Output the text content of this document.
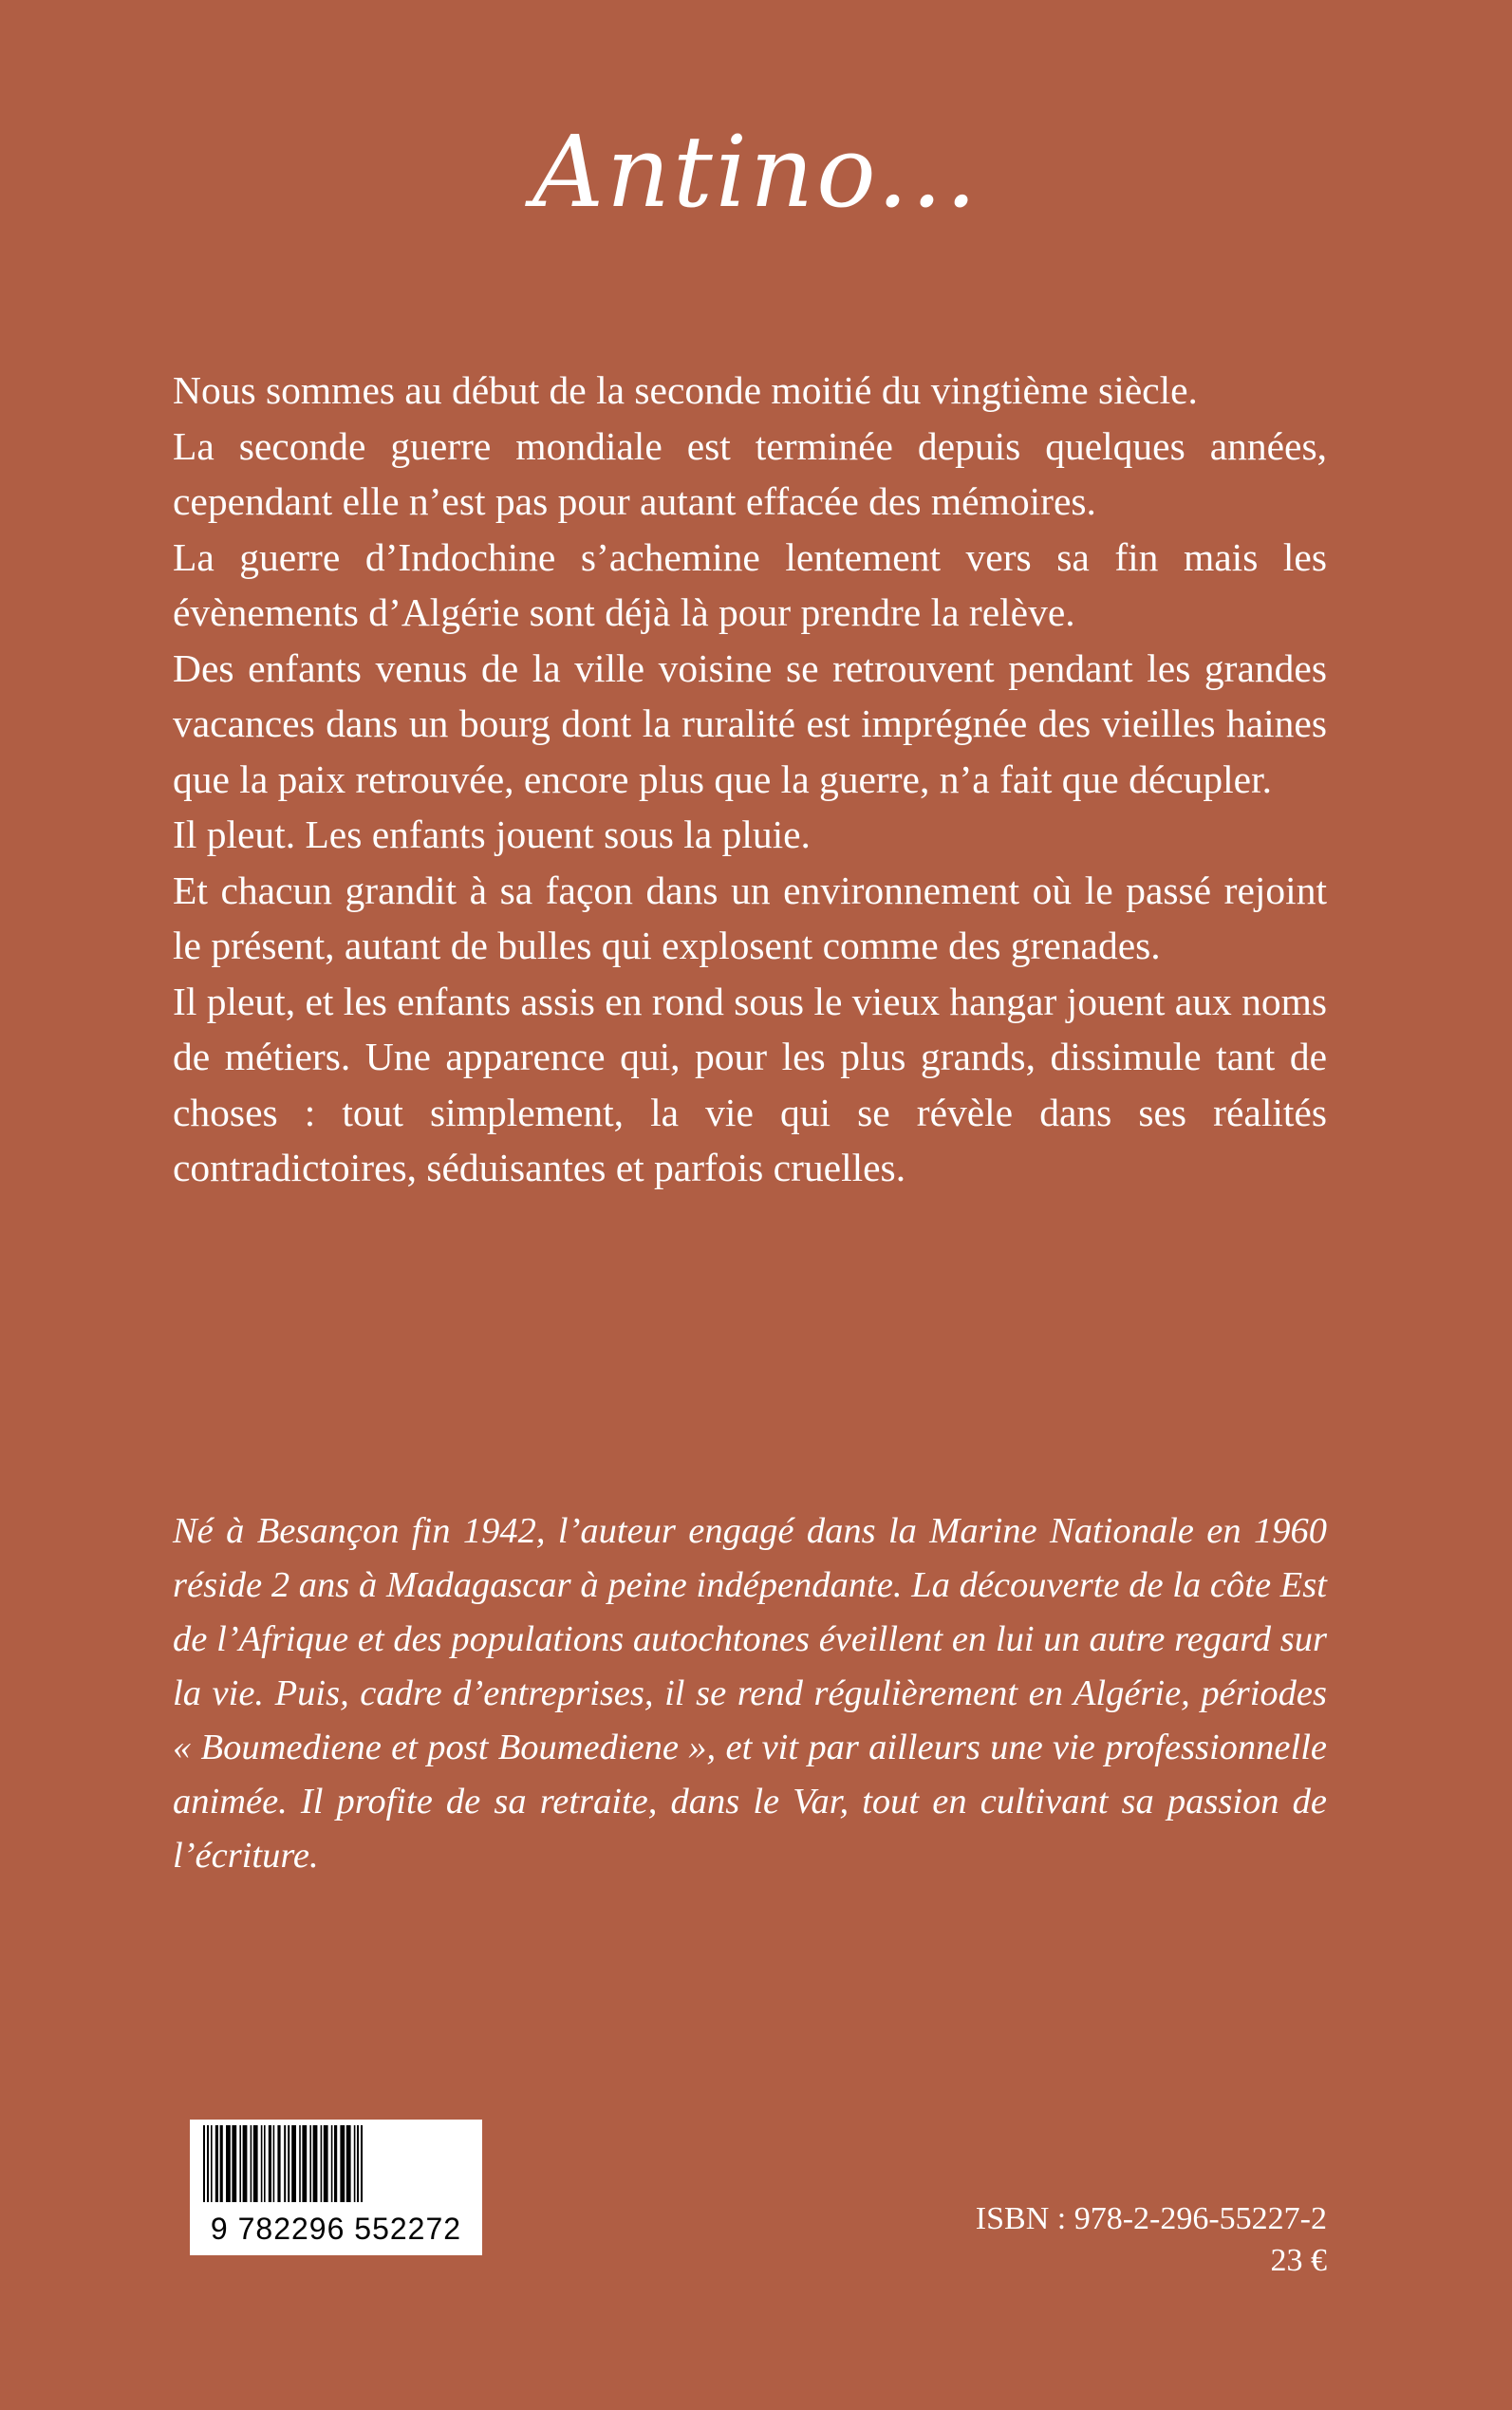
Antino...

Nous sommes au début de la seconde moitié du vingtième siècle.

La seconde guerre mondiale est terminée depuis quelques années, cependant elle n’est pas pour autant effacée des mémoires.

La guerre d’Indochine s’achemine lentement vers sa fin mais les évènements d’Algérie sont déjà là pour prendre la relève.

Des enfants venus de la ville voisine se retrouvent pendant les grandes vacances dans un bourg dont la ruralité est imprégnée des vieilles haines que la paix retrouvée, encore plus que la guerre, n’a fait que décupler.

Il pleut. Les enfants jouent sous la pluie.

Et chacun grandit à sa façon dans un environnement où le passé rejoint le présent, autant de bulles qui explosent comme des grenades.

Il pleut, et les enfants assis en rond sous le vieux hangar jouent aux noms de métiers. Une apparence qui, pour les plus grands, dissimule tant de choses : tout simplement, la vie qui se révèle dans ses réalités contradictoires, séduisantes et parfois cruelles.

Né à Besançon fin 1942, l’auteur engagé dans la Marine Nationale en 1960 réside 2 ans à Madagascar à peine indépendante. La découverte de la côte Est de l’Afrique et des populations autochtones éveillent en lui un autre regard sur la vie. Puis, cadre d’entreprises, il se rend régulièrement en Algérie, périodes « Boumediene et post Boumediene », et vit par ailleurs une vie professionnelle animée. Il profite de sa retraite, dans le Var, tout en cultivant sa passion de l’écriture.

9 782296 552272	ISBN : 978-2-296-55227-2
23 €
